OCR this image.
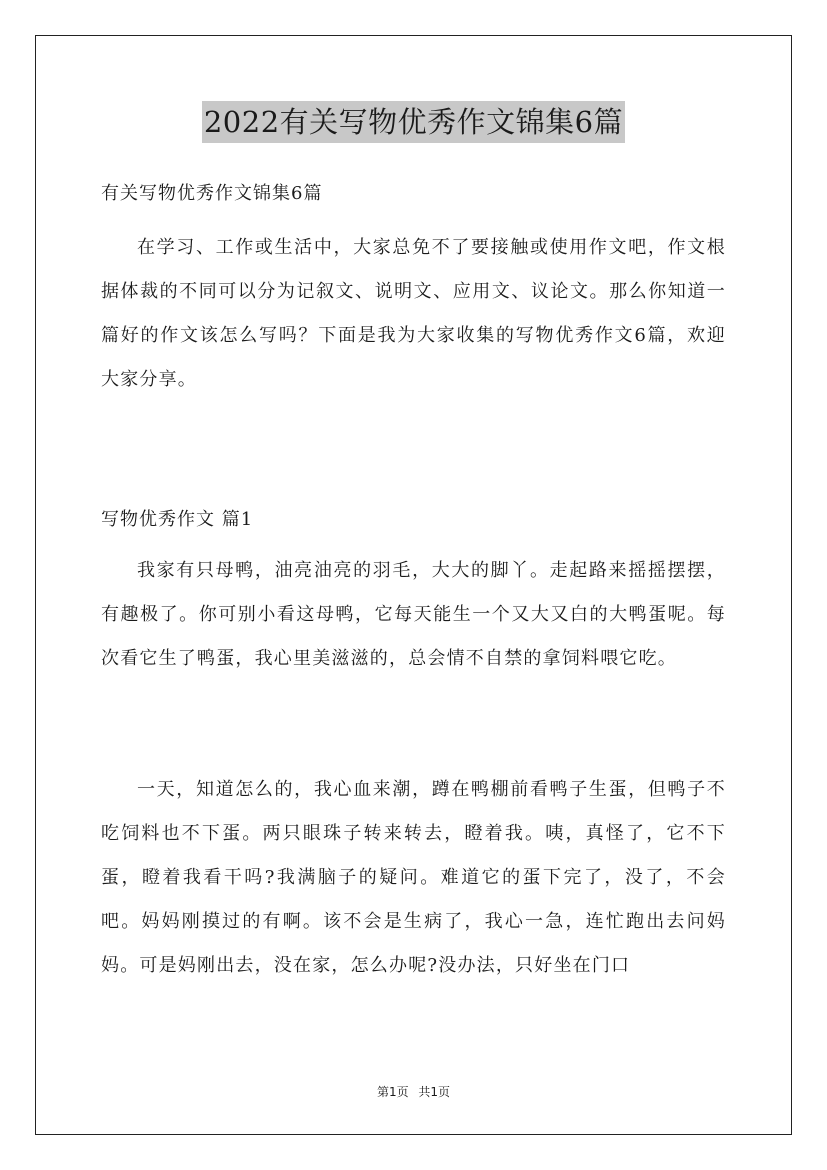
2022有关写物优秀作文锦集6篇
有关写物优秀作文锦集6篇

在学习、工作或生活中，大家总免不了要接触或使用作文吧，作文根据体裁的不同可以分为记叙文、说明文、应用文、议论文。那么你知道一篇好的作文该怎么写吗？下面是我为大家收集的写物优秀作文6篇，欢迎大家分享。

写物优秀作文 篇1

我家有只母鸭，油亮油亮的羽毛，大大的脚丫。走起路来摇摇摆摆，有趣极了。你可别小看这母鸭，它每天能生一个又大又白的大鸭蛋呢。每次看它生了鸭蛋，我心里美滋滋的，总会情不自禁的拿饲料喂它吃。

一天，知道怎么的，我心血来潮，蹲在鸭棚前看鸭子生蛋，但鸭子不吃饲料也不下蛋。两只眼珠子转来转去，瞪着我。咦，真怪了，它不下蛋，瞪着我看干吗?我满脑子的疑问。难道它的蛋下完了，没了，不会吧。妈妈刚摸过的有啊。该不会是生病了，我心一急，连忙跑出去问妈妈。可是妈刚出去，没在家，怎么办呢?没办法，只好坐在门口

第1页 共1页
